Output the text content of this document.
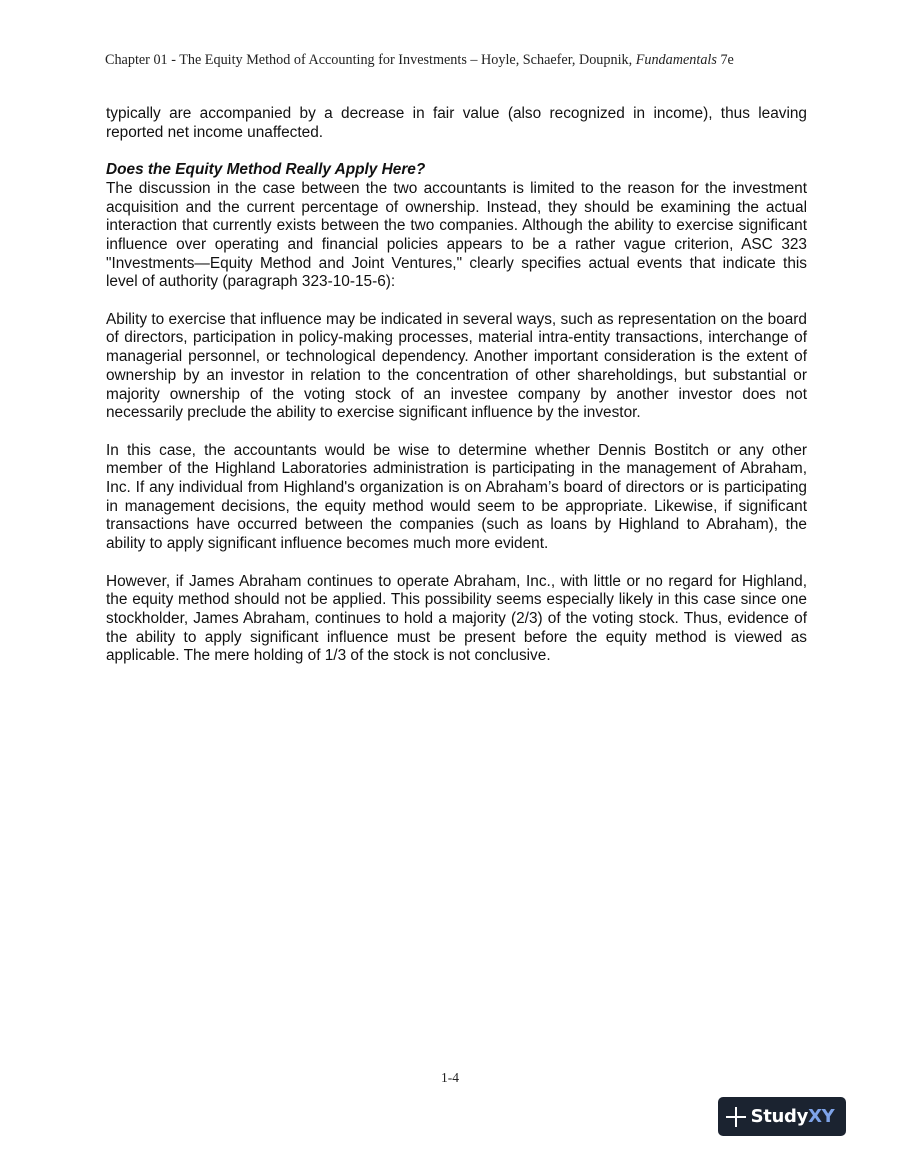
Chapter 01 - The Equity Method of Accounting for Investments – Hoyle, Schaefer, Doupnik, Fundamentals 7e

typically are accompanied by a decrease in fair value (also recognized in income), thus leaving reported net income unaffected.

Does the Equity Method Really Apply Here?

The discussion in the case between the two accountants is limited to the reason for the investment acquisition and the current percentage of ownership. Instead, they should be examining the actual interaction that currently exists between the two companies. Although the ability to exercise significant influence over operating and financial policies appears to be a rather vague criterion, ASC 323 "Investments—Equity Method and Joint Ventures," clearly specifies actual events that indicate this level of authority (paragraph 323-10-15-6):

Ability to exercise that influence may be indicated in several ways, such as representation on the board of directors, participation in policy-making processes, material intra-entity transactions, interchange of managerial personnel, or technological dependency. Another important consideration is the extent of ownership by an investor in relation to the concentration of other shareholdings, but substantial or majority ownership of the voting stock of an investee company by another investor does not necessarily preclude the ability to exercise significant influence by the investor.

In this case, the accountants would be wise to determine whether Dennis Bostitch or any other member of the Highland Laboratories administration is participating in the management of Abraham, Inc. If any individual from Highland's organization is on Abraham’s board of directors or is participating in management decisions, the equity method would seem to be appropriate. Likewise, if significant transactions have occurred between the companies (such as loans by Highland to Abraham), the ability to apply significant influence becomes much more evident.

However, if James Abraham continues to operate Abraham, Inc., with little or no regard for Highland, the equity method should not be applied. This possibility seems especially likely in this case since one stockholder, James Abraham, continues to hold a majority (2/3) of the voting stock. Thus, evidence of the ability to apply significant influence must be present before the equity method is viewed as applicable. The mere holding of 1/3 of the stock is not conclusive.

1-4
StudyXY
